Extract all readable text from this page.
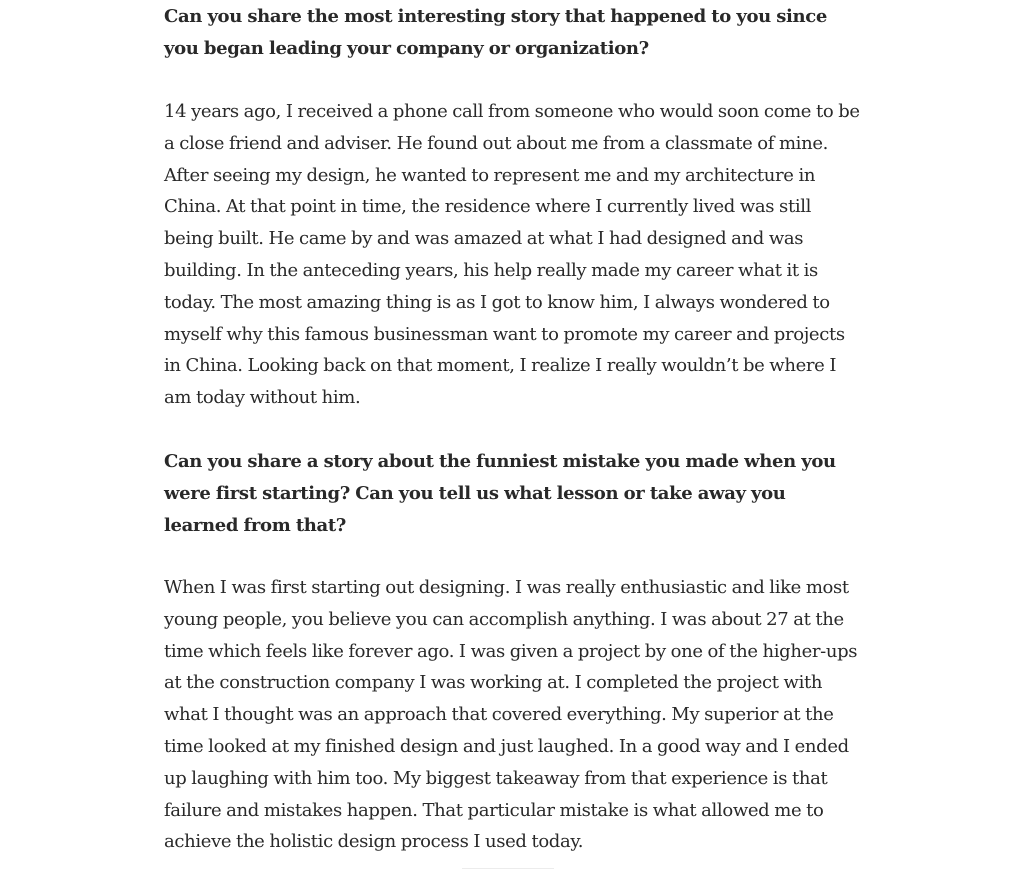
Can you share the most interesting story that happened to you since you began leading your company or organization?

14 years ago, I received a phone call from someone who would soon come to be a close friend and adviser. He found out about me from a classmate of mine. After seeing my design, he wanted to represent me and my architecture in China. At that point in time, the residence where I currently lived was still being built. He came by and was amazed at what I had designed and was building. In the anteceding years, his help really made my career what it is today. The most amazing thing is as I got to know him, I always wondered to myself why this famous businessman want to promote my career and projects in China. Looking back on that moment, I realize I really wouldn’t be where I am today without him.

Can you share a story about the funniest mistake you made when you were first starting? Can you tell us what lesson or take away you learned from that?

When I was first starting out designing. I was really enthusiastic and like most young people, you believe you can accomplish anything. I was about 27 at the time which feels like forever ago. I was given a project by one of the higher-ups at the construction company I was working at. I completed the project with what I thought was an approach that covered everything. My superior at the time looked at my finished design and just laughed. In a good way and I ended up laughing with him too. My biggest takeaway from that experience is that failure and mistakes happen. That particular mistake is what allowed me to achieve the holistic design process I used today.
